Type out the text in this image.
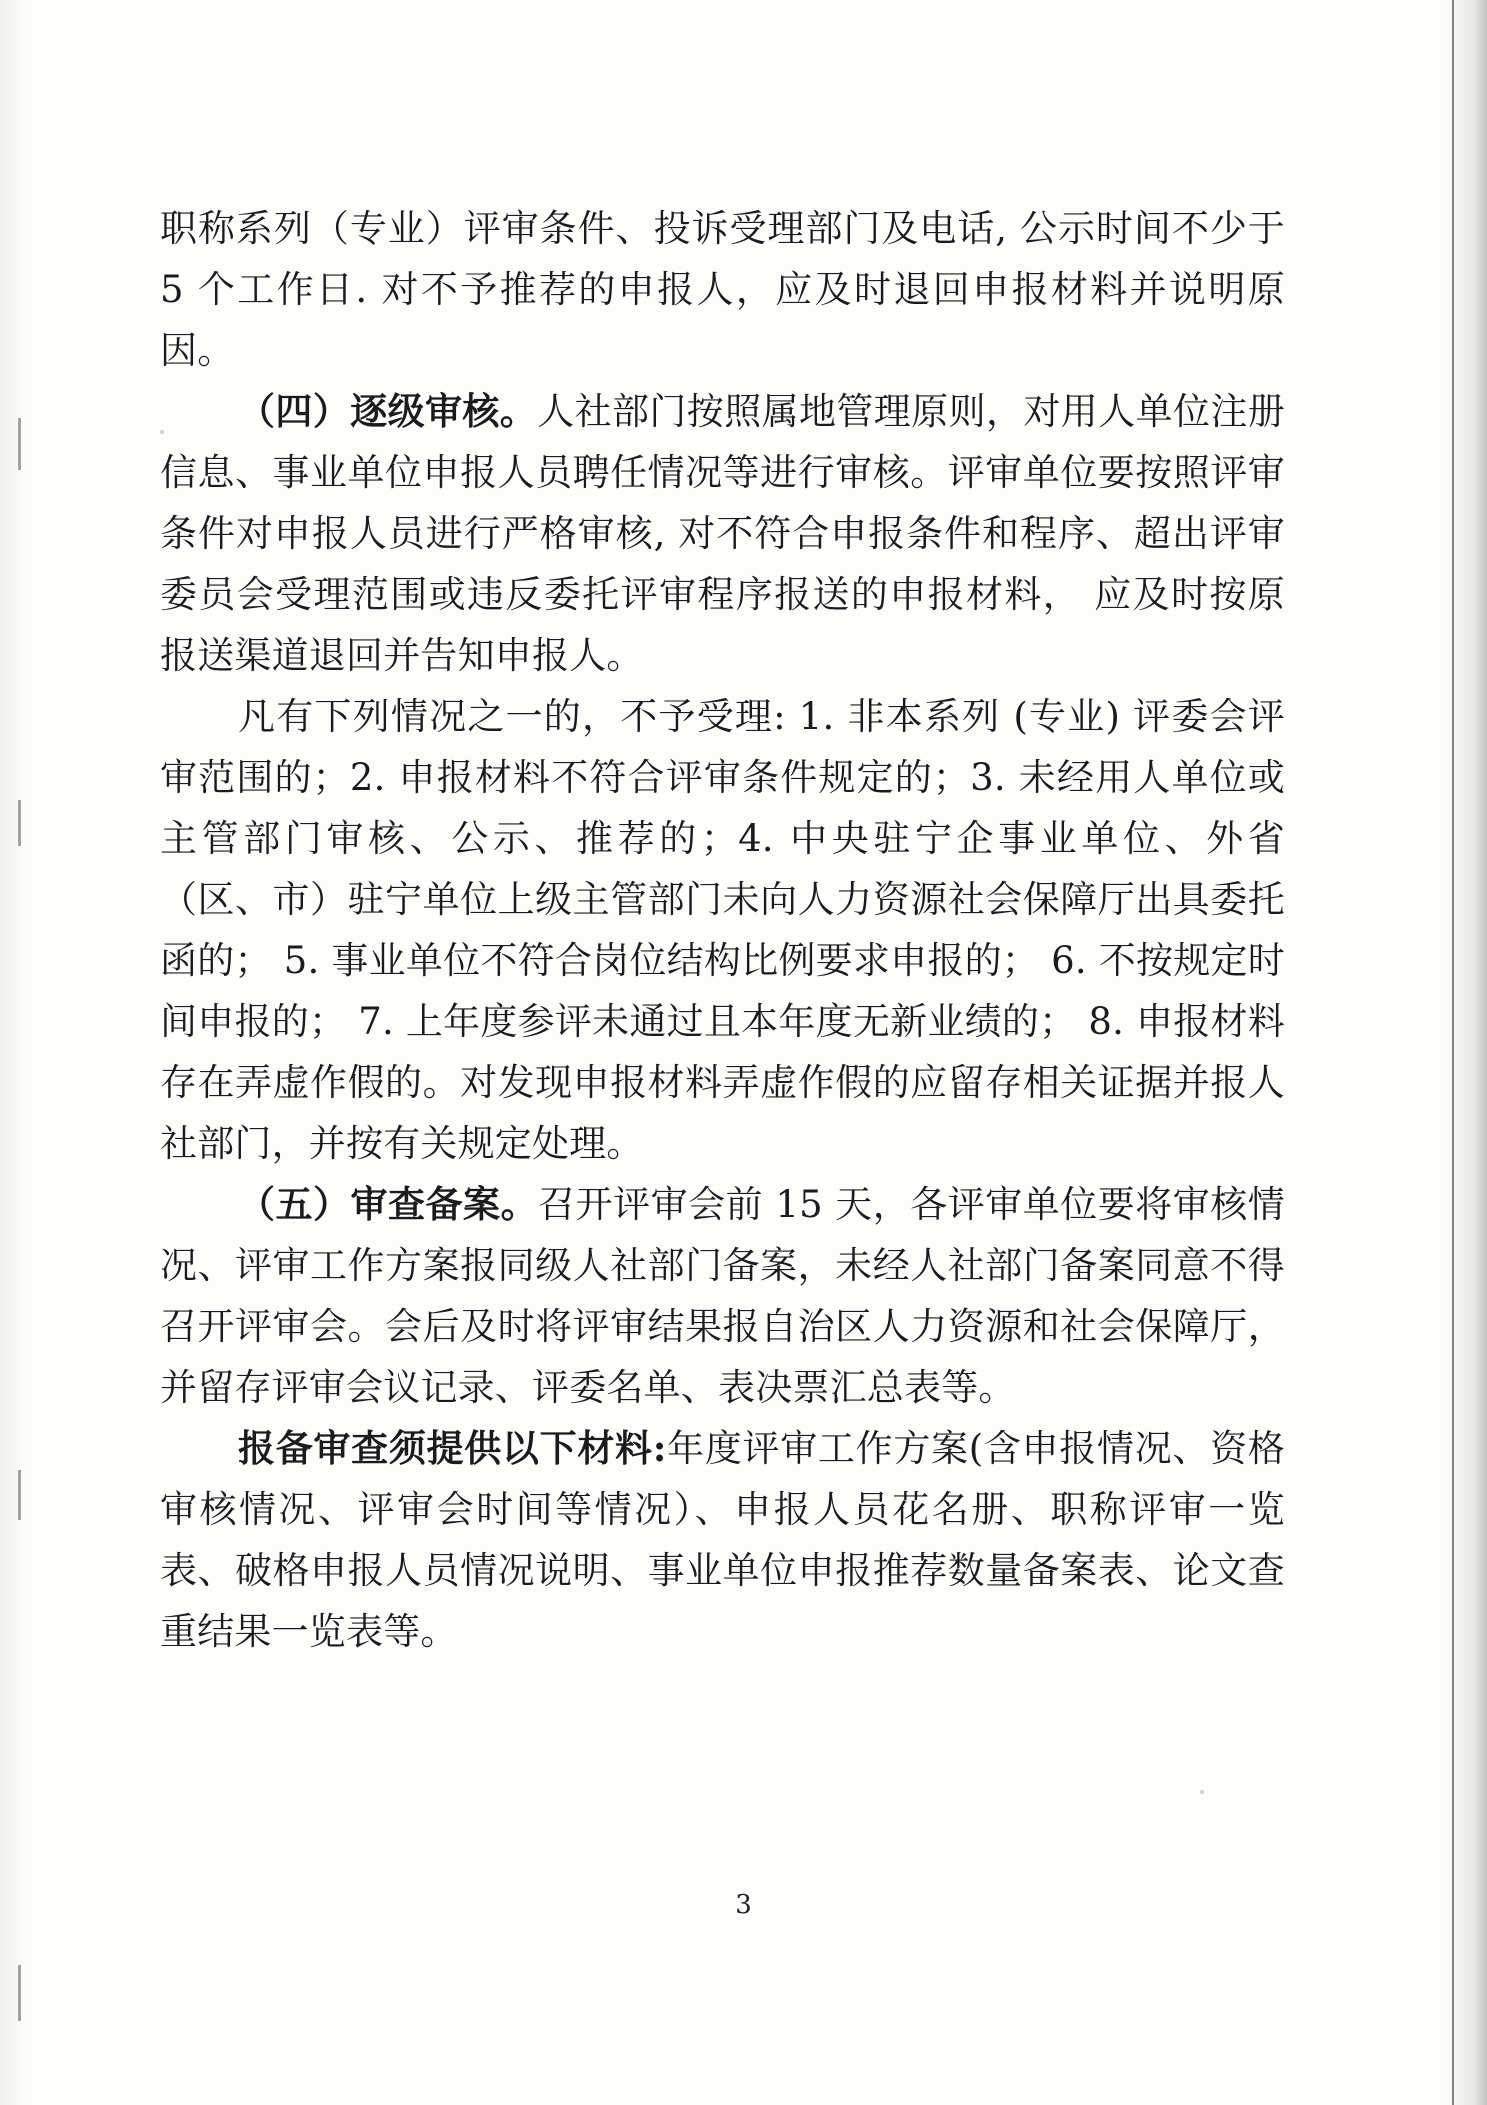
职称系列（专业）评审条件、投诉受理部门及电话, 公示时间不少于 5 个工作日. 对不予推荐的申报人，应及时退回申报材料并说明原因。

（四）逐级审核。人社部门按照属地管理原则，对用人单位注册信息、事业单位申报人员聘任情况等进行审核。评审单位要按照评审条件对申报人员进行严格审核, 对不符合申报条件和程序、超出评审委员会受理范围或违反委托评审程序报送的申报材料， 应及时按原报送渠道退回并告知申报人。

凡有下列情况之一的，不予受理: 1. 非本系列 (专业) 评委会评审范围的；2. 申报材料不符合评审条件规定的；3. 未经用人单位或主管部门审核、公示、推荐的；4. 中央驻宁企事业单位、外省（区、市）驻宁单位上级主管部门未向人力资源社会保障厅出具委托函的； 5. 事业单位不符合岗位结构比例要求申报的； 6. 不按规定时间申报的； 7. 上年度参评未通过且本年度无新业绩的； 8. 申报材料存在弄虚作假的。对发现申报材料弄虚作假的应留存相关证据并报人社部门，并按有关规定处理。

（五）审查备案。召开评审会前 15 天，各评审单位要将审核情况、评审工作方案报同级人社部门备案，未经人社部门备案同意不得召开评审会。会后及时将评审结果报自治区人力资源和社会保障厅，并留存评审会议记录、评委名单、表决票汇总表等。

报备审查须提供以下材料:年度评审工作方案(含申报情况、资格审核情况、评审会时间等情况）、申报人员花名册、职称评审一览表、破格申报人员情况说明、事业单位申报推荐数量备案表、论文查重结果一览表等。

3
